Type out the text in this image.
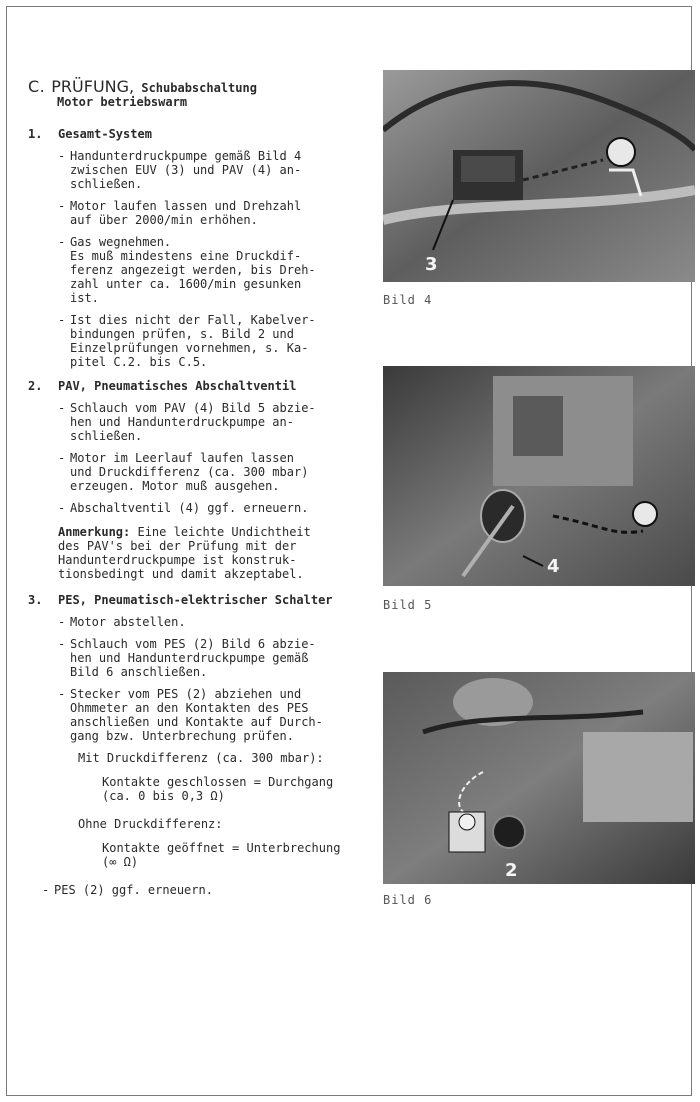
C. PRÜFUNG, Schubabschaltung
Motor betriebswarm
1.	Gesamt-System
- Handunterdruckpumpe gemäß Bild 4
zwischen EUV (3) und PAV (4) an-
schließen.
- Motor laufen lassen und Drehzahl
auf über 2000/min erhöhen.
- Gas wegnehmen.
Es muß mindestens eine Druckdif-
ferenz angezeigt werden, bis Dreh-
zahl unter ca. 1600/min gesunken
ist.
- Ist dies nicht der Fall, Kabelver-
bindungen prüfen, s. Bild 2 und
Einzelprüfungen vornehmen, s. Ka-
pitel C.2. bis C.5.
2.	PAV, Pneumatisches Abschaltventil
- Schlauch vom PAV (4) Bild 5 abzie-
hen und Handunterdruckpumpe an-
schließen.
- Motor im Leerlauf laufen lassen
und Druckdifferenz (ca. 300 mbar)
erzeugen. Motor muß ausgehen.
- Abschaltventil (4) ggf. erneuern.
Anmerkung: Eine leichte Undichtheit
des PAV's bei der Prüfung mit der
Handunterdruckpumpe ist konstruk-
tionsbedingt und damit akzeptabel.
3.	PES, Pneumatisch-elektrischer Schalter
- Motor abstellen.
- Schlauch vom PES (2) Bild 6 abzie-
hen und Handunterdruckpumpe gemäß
Bild 6 anschließen.
- Stecker vom PES (2) abziehen und
Ohmmeter an den Kontakten des PES
anschließen und Kontakte auf Durch-
gang bzw. Unterbrechung prüfen.
Mit Druckdifferenz (ca. 300 mbar):
Kontakte geschlossen = Durchgang
(ca. 0 bis 0,3 Ω)
Ohne Druckdifferenz:
Kontakte geöffnet = Unterbrechung
(∞ Ω)
- PES (2) ggf. erneuern.
3
Bild 4
4
Bild 5
2
Bild 6
